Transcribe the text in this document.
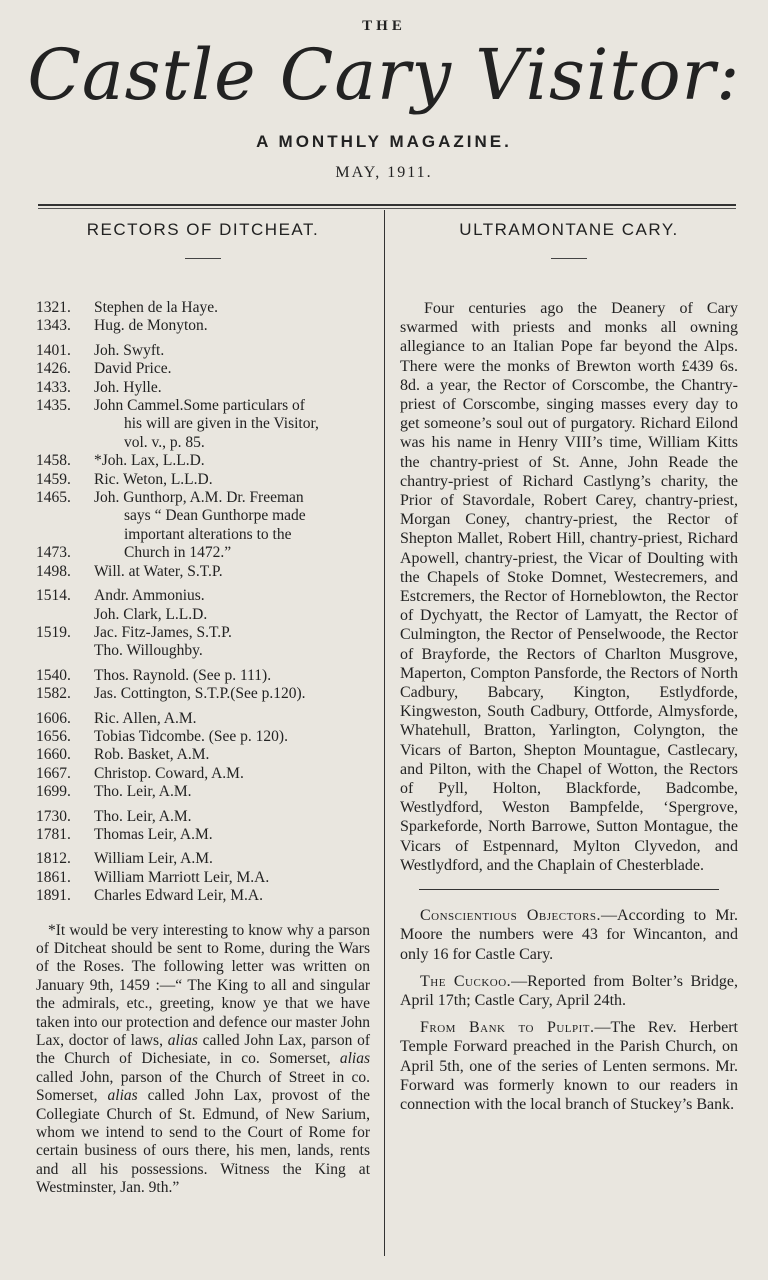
THE
Castle Cary Visitor:
A MONTHLY MAGAZINE.
MAY, 1911.
RECTORS OF DITCHEAT.
1321.	Stephen de la Haye.
1343.	Hug. de Monyton.
1401.	Joh. Swyft.
1426.	David Price.
1433.	Joh. Hylle.
1435.	John Cammel.Some particulars of
his will are given in the Visitor,
vol. v., p. 85.
1458.	*Joh. Lax, L.L.D.
1459.	Ric. Weton, L.L.D.
1465.	Joh. Gunthorp, A.M. Dr. Freeman
says “ Dean Gunthorpe made
important alterations to the
1473.	Church in 1472.”
1498.	Will. at Water, S.T.P.
1514.	Andr. Ammonius.
Joh. Clark, L.L.D.
1519.	Jac. Fitz-James, S.T.P.
Tho. Willoughby.
1540.	Thos. Raynold. (See p. 111).
1582.	Jas. Cottington, S.T.P.(See p.120).
1606.	Ric. Allen, A.M.
1656.	Tobias Tidcombe. (See p. 120).
1660.	Rob. Basket, A.M.
1667.	Christop. Coward, A.M.
1699.	Tho. Leir, A.M.
1730.	Tho. Leir, A.M.
1781.	Thomas Leir, A.M.
1812.	William Leir, A.M.
1861.	William Marriott Leir, M.A.
1891.	Charles Edward Leir, M.A.
*It would be very interesting to know why a parson of Ditcheat should be sent to Rome, during the Wars of the Roses. The following letter was written on January 9th, 1459 :—“ The King to all and singular the admirals, etc., greeting, know ye that we have taken into our protection and defence our master John Lax, doctor of laws, alias called John Lax, parson of the Church of Dichesiate, in co. Somerset, alias called John, parson of the Church of Street in co. Somerset, alias called John Lax, provost of the Collegiate Church of St. Edmund, of New Sarium, whom we intend to send to the Court of Rome for certain business of ours there, his men, lands, rents and all his possessions. Witness the King at Westminster, Jan. 9th.”
ULTRAMONTANE CARY.
Four centuries ago the Deanery of Cary swarmed with priests and monks all owning allegiance to an Italian Pope far beyond the Alps. There were the monks of Brewton worth £439 6s. 8d. a year, the Rector of Corscombe, the Chantry-priest of Corscombe, singing masses every day to get someone’s soul out of purgatory. Richard Eilond was his name in Henry VIII’s time, William Kitts the chantry-priest of St. Anne, John Reade the chantry-priest of Richard Castlyng’s charity, the Prior of Stavordale, Robert Carey, chantry-priest, Morgan Coney, chantry-priest, the Rector of Shepton Mallet, Robert Hill, chantry-priest, Richard Apowell, chantry-priest, the Vicar of Doulting with the Chapels of Stoke Domnet, Westecremers, and Estcremers, the Rector of Horneblowton, the Rector of Dychyatt, the Rector of Lamyatt, the Rector of Culmington, the Rector of Penselwoode, the Rector of Brayforde, the Rectors of Charlton Musgrove, Maperton, Compton Pansforde, the Rectors of North Cadbury, Babcary, Kington, Estlydforde, Kingweston, South Cadbury, Ottforde, Almysforde, Whatehull, Bratton, Yarlington, Colyngton, the Vicars of Barton, Shepton Mountague, Castlecary, and Pilton, with the Chapel of Wotton, the Rectors of Pyll, Holton, Blackforde, Badcombe, Westlydford, Weston Bampfelde, ‘Spergrove, Sparkeforde, North Barrowe, Sutton Montague, the Vicars of Estpennard, Mylton Clyvedon, and Westlydford, and the Chaplain of Chesterblade.

Conscientious Objectors.—According to Mr. Moore the numbers were 43 for Wincanton, and only 16 for Castle Cary.

The Cuckoo.—Reported from Bolter’s Bridge, April 17th; Castle Cary, April 24th.

From Bank to Pulpit.—The Rev. Herbert Temple Forward preached in the Parish Church, on April 5th, one of the series of Lenten sermons. Mr. Forward was formerly known to our readers in connection with the local branch of Stuckey’s Bank.
